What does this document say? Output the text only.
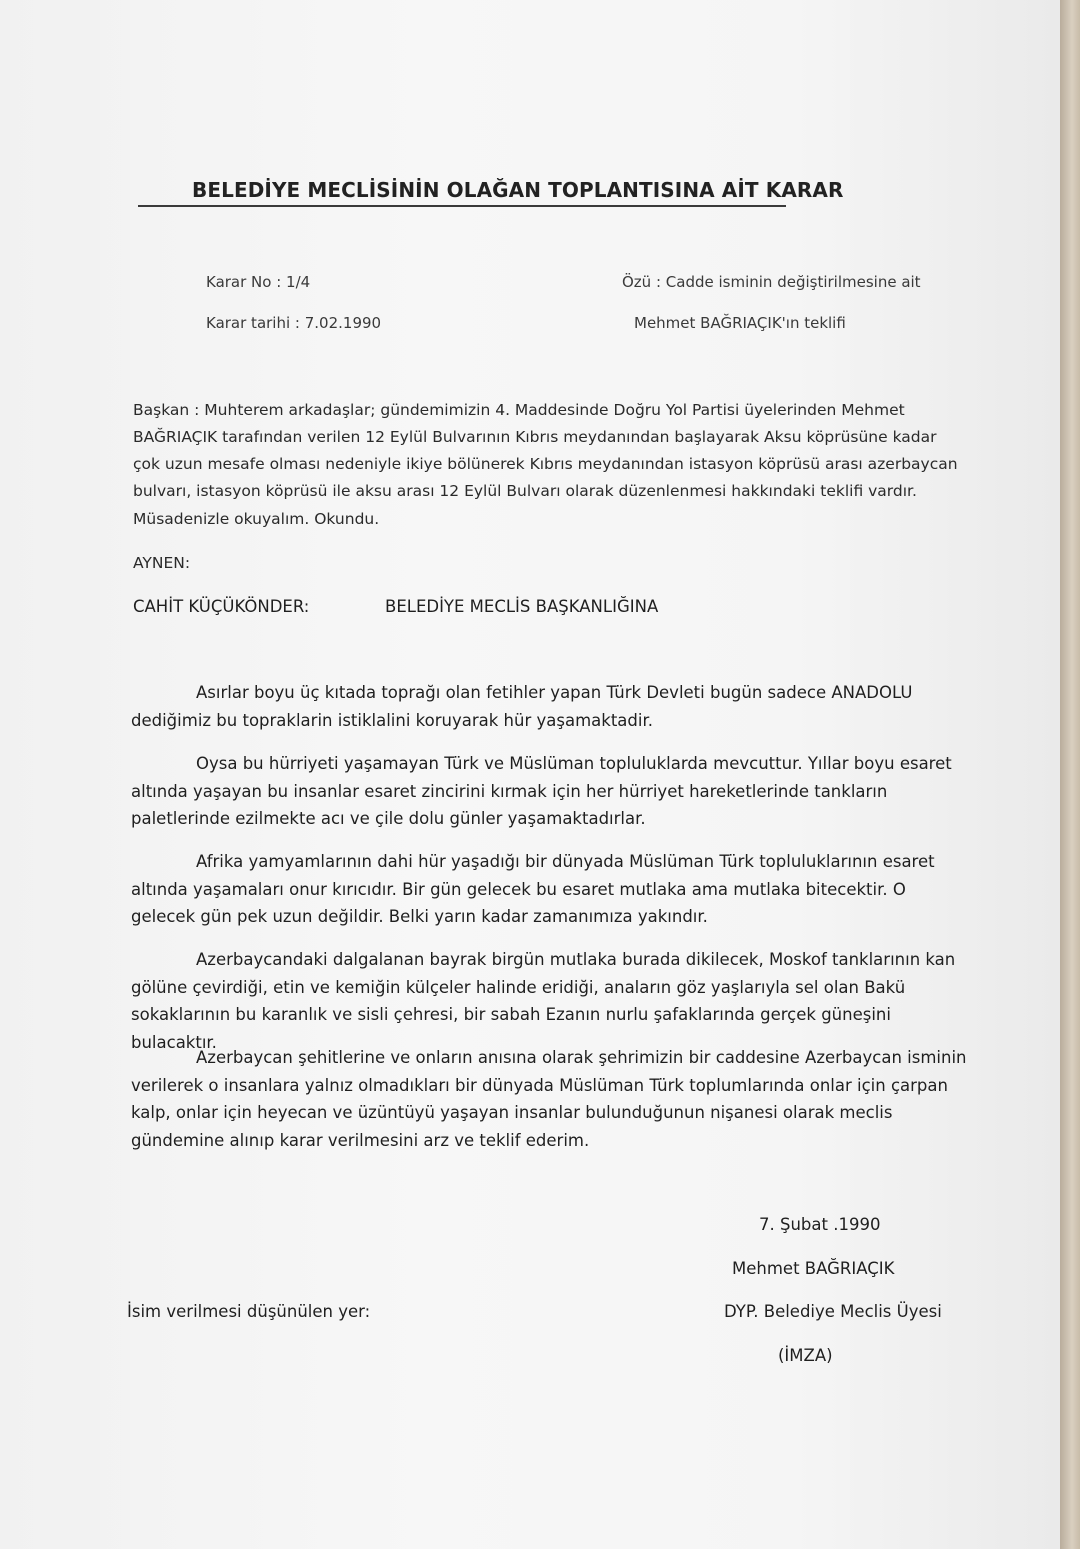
BELEDİYE MECLİSİNİN OLAĞAN TOPLANTISINA AİT KARAR
Karar No : 1/4	Özü : Cadde isminin değiştirilmesine ait
Karar tarihi : 7.02.1990	Mehmet BAĞRIAÇIK'ın teklifi
Başkan : Muhterem arkadaşlar; gündemimizin 4. Maddesinde Doğru Yol Partisi üyelerinden Mehmet
BAĞRIAÇIK tarafından verilen 12 Eylül Bulvarının Kıbrıs meydanından başlayarak Aksu köprüsüne kadar
çok uzun mesafe olması nedeniyle ikiye bölünerek Kıbrıs meydanından istasyon köprüsü arası azerbaycan
bulvarı, istasyon köprüsü ile aksu arası 12 Eylül Bulvarı olarak düzenlenmesi hakkındaki teklifi vardır.
Müsadenizle okuyalım. Okundu.
AYNEN:
CAHİT KÜÇÜKÖNDER:	BELEDİYE MECLİS BAŞKANLIĞINA
Asırlar boyu üç kıtada toprağı olan fetihler yapan Türk Devleti bugün sadece ANADOLU dediğimiz bu topraklarin istiklalini koruyarak hür yaşamaktadir.
Oysa bu hürriyeti yaşamayan Türk ve Müslüman topluluklarda mevcuttur. Yıllar boyu esaret altında yaşayan bu insanlar esaret zincirini kırmak için her hürriyet hareketlerinde tankların paletlerinde ezilmekte acı ve çile dolu günler yaşamaktadırlar.
Afrika yamyamlarının dahi hür yaşadığı bir dünyada Müslüman Türk topluluklarının esaret altında yaşamaları onur kırıcıdır. Bir gün gelecek bu esaret mutlaka ama mutlaka bitecektir. O gelecek gün pek uzun değildir. Belki yarın kadar zamanımıza yakındır.
Azerbaycandaki dalgalanan bayrak birgün mutlaka burada dikilecek, Moskof tanklarının kan gölüne çevirdiği, etin ve kemiğin külçeler halinde eridiği, anaların göz yaşlarıyla sel olan Bakü sokaklarının bu karanlık ve sisli çehresi, bir sabah Ezanın nurlu şafaklarında gerçek güneşini bulacaktır.
Azerbaycan şehitlerine ve onların anısına olarak şehrimizin bir caddesine Azerbaycan isminin verilerek o insanlara yalnız olmadıkları bir dünyada Müslüman Türk toplumlarında onlar için çarpan kalp, onlar için heyecan ve üzüntüyü yaşayan insanlar bulunduğunun nişanesi olarak meclis gündemine alınıp karar verilmesini arz ve teklif ederim.
7. Şubat .1990
Mehmet BAĞRIAÇIK
İsim verilmesi düşünülen yer:	DYP. Belediye Meclis Üyesi
(İMZA)
